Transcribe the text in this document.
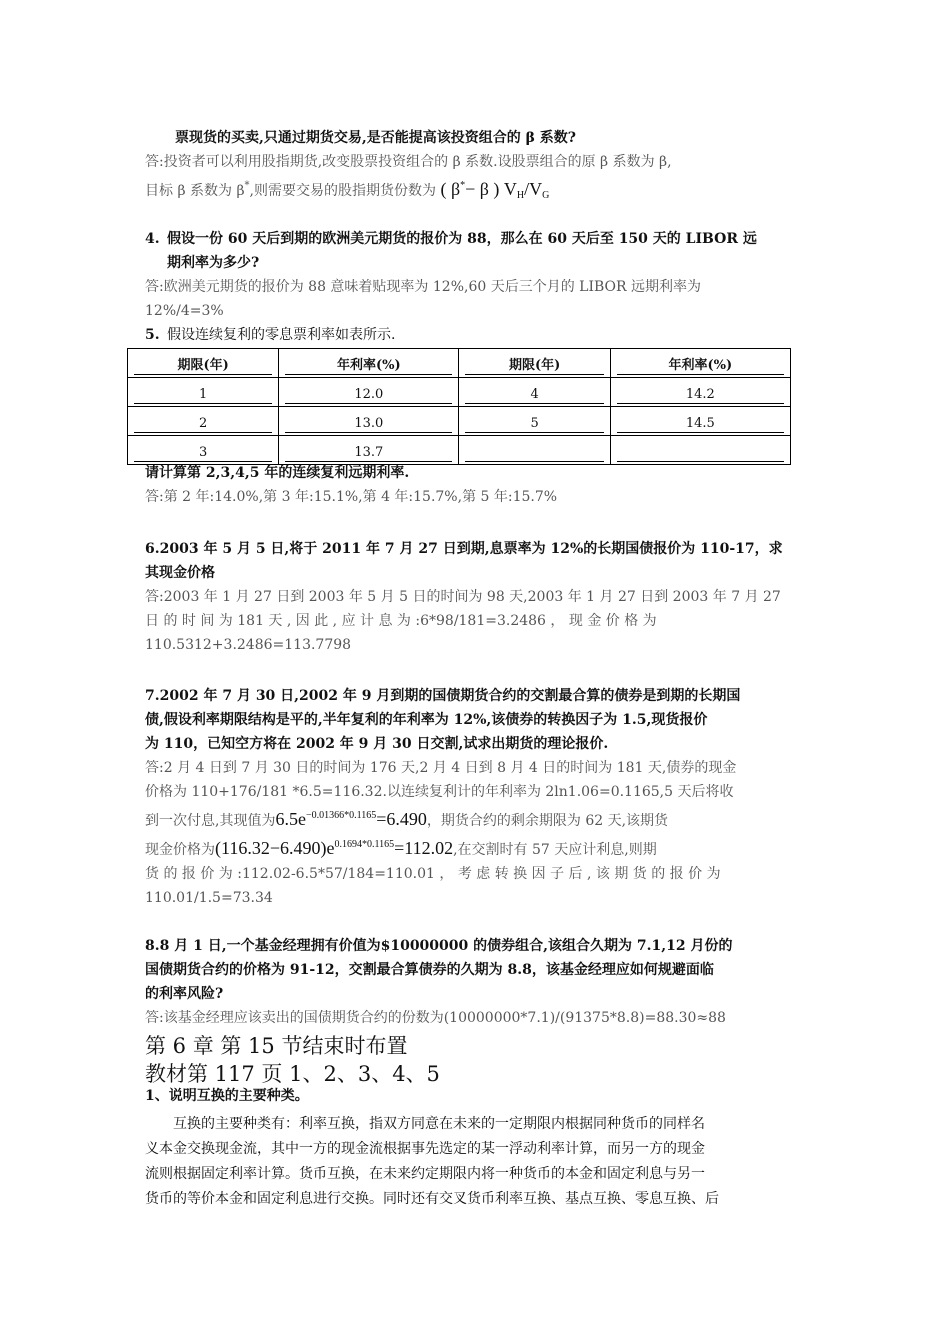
票现货的买卖,只通过期货交易,是否能提高该投资组合的 β 系数?

答:投资者可以利用股指期货,改变股票投资组合的 β 系数.设股票组合的原 β 系数为 β,

目标 β 系数为 β*,则需要交易的股指期货份数为 ( β*− β ) $V_H/V_G$

4. 假设一份 60 天后到期的欧洲美元期货的报价为 88，那么在 60 天后至 150 天的 LIBOR 远

期利率为多少?

答:欧洲美元期货的报价为 88 意味着贴现率为 12%,60 天后三个月的 LIBOR 远期利率为

12%/4=3%

5. 假设连续复利的零息票利率如表所示.

期限(年)	年利率(%)	期限(年)	年利率(%)

1	12.0	4	14.2

2	13.0	5	14.5

3	13.7		

请计算第 2,3,4,5 年的连续复利远期利率.

答:第 2 年:14.0%,第 3 年:15.1%,第 4 年:15.7%,第 5 年:15.7%

6.2003 年 5 月 5 日,将于 2011 年 7 月 27 日到期,息票率为 12%的长期国债报价为 110-17，求

其现金价格

答:2003 年 1 月 27 日到 2003 年 5 月 5 日的时间为 98 天,2003 年 1 月 27 日到 2003 年 7 月 27

日 的 时 间 为 181 天 , 因 此 , 应 计 息 为 :6*98/181=3.2486 ， 现 金 价 格 为

110.5312+3.2486=113.7798

7.2002 年 7 月 30 日,2002 年 9 月到期的国债期货合约的交割最合算的债券是到期的长期国

债,假设利率期限结构是平的,半年复利的年利率为 12%,该债券的转换因子为 1.5,现货报价

为 110，已知空方将在 2002 年 9 月 30 日交割,试求出期货的理论报价.

答:2 月 4 日到 7 月 30 日的时间为 176 天,2 月 4 日到 8 月 4 日的时间为 181 天,债券的现金

价格为 110+176/181 *6.5=116.32.以连续复利计的年利率为 2ln1.06=0.1165,5 天后将收

到一次付息,其现值为$6.5e^{-0.01366*0.1165}=6.490$，期货合约的剩余期限为 62 天,该期货

现金价格为$(116.32-6.490)e^{0.1694*0.1165}=112.02$,在交割时有 57 天应计利息,则期

货 的 报 价 为 :112.02-6.5*57/184=110.01 ， 考 虑 转 换 因 子 后 , 该 期 货 的 报 价 为

110.01/1.5=73.34

8.8 月 1 日,一个基金经理拥有价值为$10000000 的债券组合,该组合久期为 7.1,12 月份的

国债期货合约的价格为 91-12，交割最合算债券的久期为 8.8，该基金经理应如何规避面临

的利率风险?

答:该基金经理应该卖出的国债期货合约的份数为(10000000*7.1)/(91375*8.8)=88.30≈88

第 6 章 第 15 节结束时布置

教材第 117 页 1、2、3、4、5

1、说明互换的主要种类。

互换的主要种类有：利率互换，指双方同意在未来的一定期限内根据同种货币的同样名

义本金交换现金流，其中一方的现金流根据事先选定的某一浮动利率计算，而另一方的现金

流则根据固定利率计算。货币互换，在未来约定期限内将一种货币的本金和固定利息与另一

货币的等价本金和固定利息进行交换。同时还有交叉货币利率互换、基点互换、零息互换、后
